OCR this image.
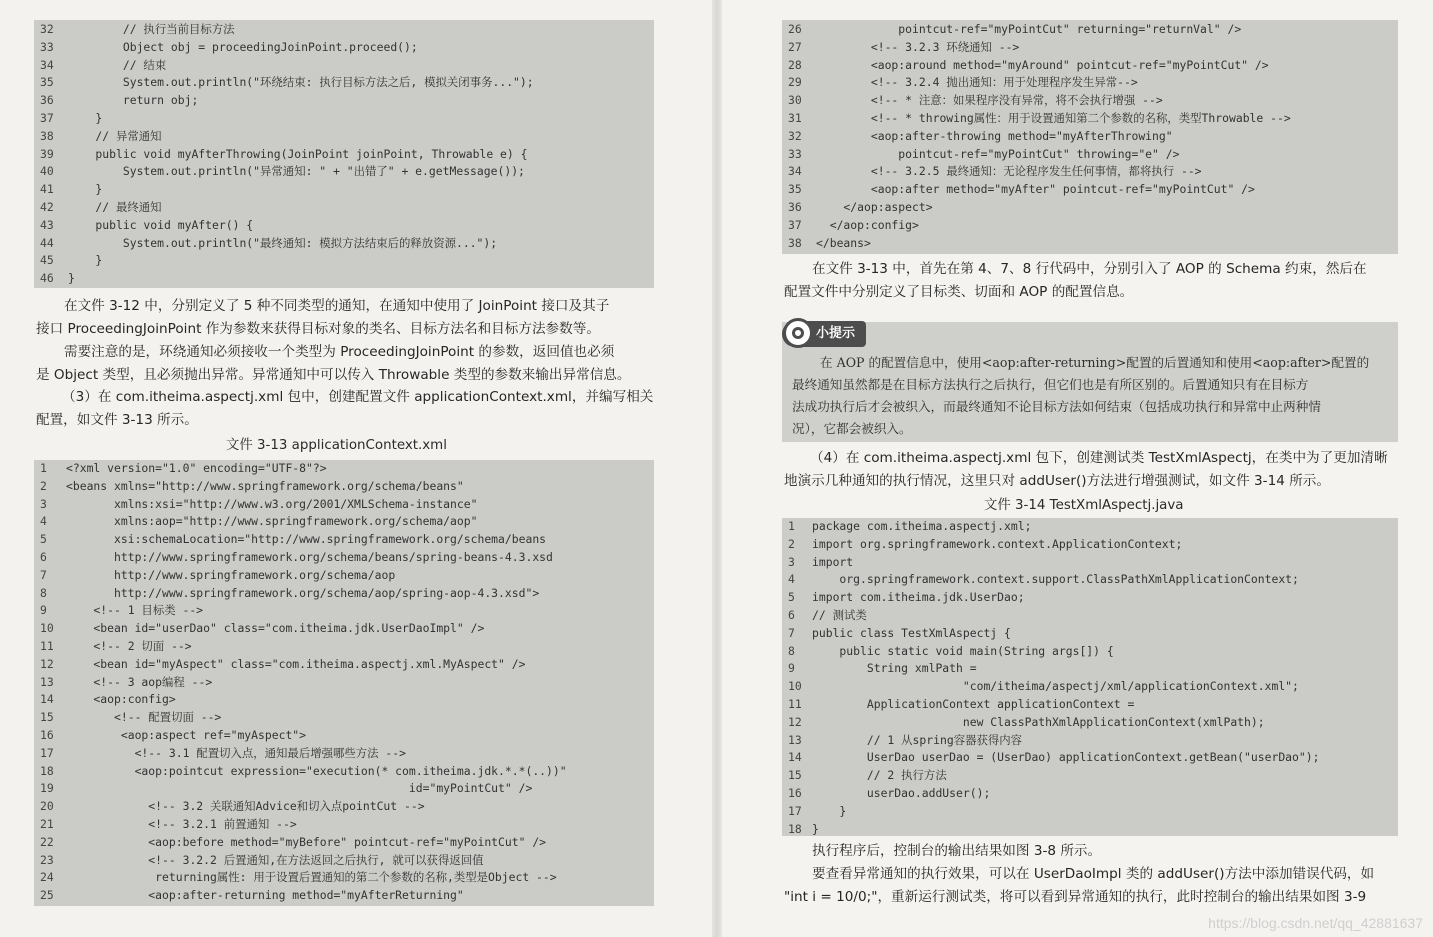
32	// 执行当前目标方法
33	Object obj = proceedingJoinPoint.proceed();
34	// 结束
35	System.out.println("环绕结束: 执行目标方法之后, 模拟关闭事务...");
36	return obj;
37	}
38	// 异常通知
39	public void myAfterThrowing(JoinPoint joinPoint, Throwable e) {
40	System.out.println("异常通知: " + "出错了" + e.getMessage());
41	}
42	// 最终通知
43	public void myAfter() {
44	System.out.println("最终通知: 模拟方法结束后的释放资源...");
45	}
46	}
在文件 3-12 中，分别定义了 5 种不同类型的通知，在通知中使用了 JoinPoint 接口及其子
接口 ProceedingJoinPoint 作为参数来获得目标对象的类名、目标方法名和目标方法参数等。
需要注意的是，环绕通知必须接收一个类型为 ProceedingJoinPoint 的参数，返回值也必须
是 Object 类型，且必须抛出异常。异常通知中可以传入 Throwable 类型的参数来输出异常信息。
（3）在 com.itheima.aspectj.xml 包中，创建配置文件 applicationContext.xml，并编写相关
配置，如文件 3-13 所示。
文件 3-13 applicationContext.xml
1	<?xml version="1.0" encoding="UTF-8"?>
2	<beans xmlns="http://www.springframework.org/schema/beans"
3	xmlns:xsi="http://www.w3.org/2001/XMLSchema-instance"
4	xmlns:aop="http://www.springframework.org/schema/aop"
5	xsi:schemaLocation="http://www.springframework.org/schema/beans
6	http://www.springframework.org/schema/beans/spring-beans-4.3.xsd
7	http://www.springframework.org/schema/aop
8	http://www.springframework.org/schema/aop/spring-aop-4.3.xsd">
9	<!-- 1 目标类 -->
10	<bean id="userDao" class="com.itheima.jdk.UserDaoImpl" />
11	<!-- 2 切面 -->
12	<bean id="myAspect" class="com.itheima.aspectj.xml.MyAspect" />
13	<!-- 3 aop编程 -->
14	<aop:config>
15	<!-- 配置切面 -->
16	<aop:aspect ref="myAspect">
17	<!-- 3.1 配置切入点，通知最后增强哪些方法 -->
18	<aop:pointcut expression="execution(* com.itheima.jdk.*.*(..))"
19	id="myPointCut" />
20	<!-- 3.2 关联通知Advice和切入点pointCut -->
21	<!-- 3.2.1 前置通知 -->
22	<aop:before method="myBefore" pointcut-ref="myPointCut" />
23	<!-- 3.2.2 后置通知,在方法返回之后执行, 就可以获得返回值
24	returning属性: 用于设置后置通知的第二个参数的名称,类型是Object -->
25	<aop:after-returning method="myAfterReturning"
26	pointcut-ref="myPointCut" returning="returnVal" />
27	<!-- 3.2.3 环绕通知 -->
28	<aop:around method="myAround" pointcut-ref="myPointCut" />
29	<!-- 3.2.4 抛出通知：用于处理程序发生异常-->
30	<!-- * 注意：如果程序没有异常，将不会执行增强 -->
31	<!-- * throwing属性：用于设置通知第二个参数的名称，类型Throwable -->
32	<aop:after-throwing method="myAfterThrowing"
33	pointcut-ref="myPointCut" throwing="e" />
34	<!-- 3.2.5 最终通知：无论程序发生任何事情，都将执行 -->
35	<aop:after method="myAfter" pointcut-ref="myPointCut" />
36	</aop:aspect>
37	</aop:config>
38	</beans>
在文件 3-13 中，首先在第 4、7、8 行代码中，分别引入了 AOP 的 Schema 约束，然后在
配置文件中分别定义了目标类、切面和 AOP 的配置信息。
小提示
在 AOP 的配置信息中，使用<aop:after-returning>配置的后置通知和使用<aop:after>配置的
最终通知虽然都是在目标方法执行之后执行，但它们也是有所区别的。后置通知只有在目标方
法成功执行后才会被织入，而最终通知不论目标方法如何结束（包括成功执行和异常中止两种情
况），它都会被织入。
（4）在 com.itheima.aspectj.xml 包下，创建测试类 TestXmlAspectj，在类中为了更加清晰
地演示几种通知的执行情况，这里只对 addUser()方法进行增强测试，如文件 3-14 所示。
文件 3-14 TestXmlAspectj.java
1	package com.itheima.aspectj.xml;
2	import org.springframework.context.ApplicationContext;
3	import
4	org.springframework.context.support.ClassPathXmlApplicationContext;
5	import com.itheima.jdk.UserDao;
6	// 测试类
7	public class TestXmlAspectj {
8	public static void main(String args[]) {
9	String xmlPath =
10 "com/itheima/aspectj/xml/applicationContext.xml";
11 ApplicationContext applicationContext =
12 new ClassPathXmlApplicationContext(xmlPath);
13 // 1 从spring容器获得内容
14 UserDao userDao = (UserDao) applicationContext.getBean("userDao");
15 // 2 执行方法
16 userDao.addUser();
17 }
18 }
执行程序后，控制台的输出结果如图 3-8 所示。
要查看异常通知的执行效果，可以在 UserDaoImpl 类的 addUser()方法中添加错误代码，如
"int i = 10/0;"，重新运行测试类，将可以看到异常通知的执行，此时控制台的输出结果如图 3-9
https://blog.csdn.net/qq_42881637
